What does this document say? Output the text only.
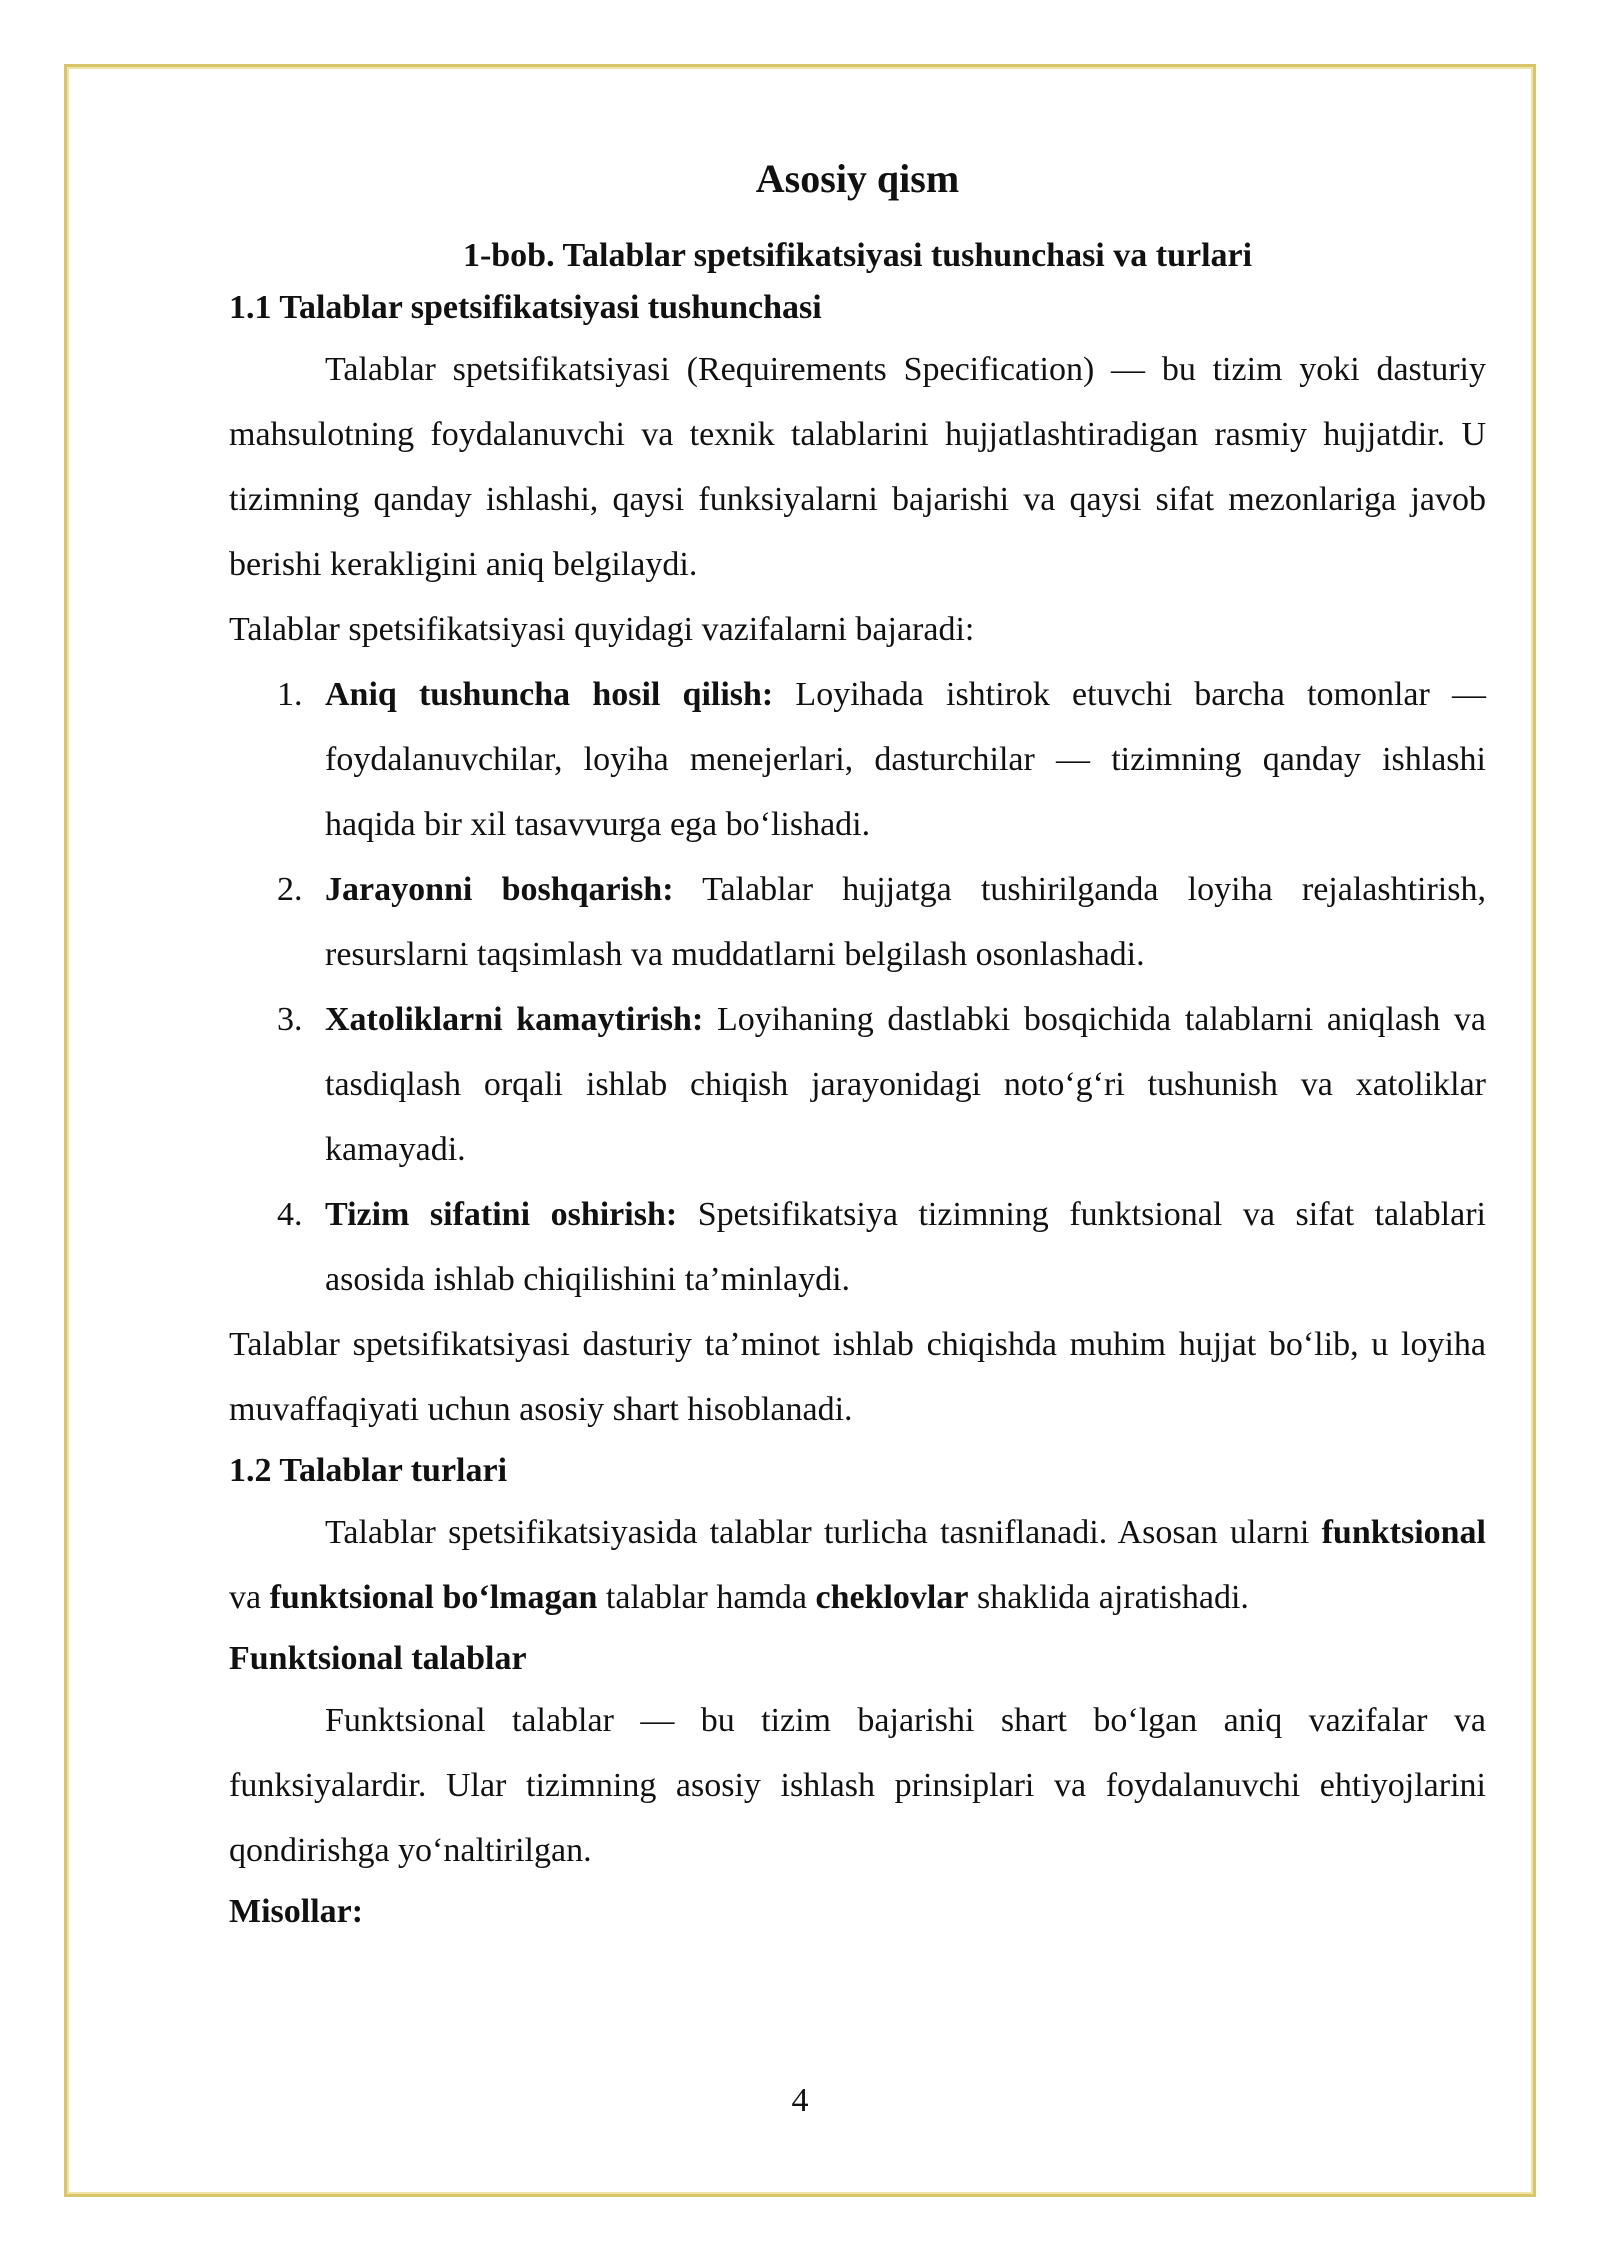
Asosiy qism
1-bob. Talablar spetsifikatsiyasi tushunchasi va turlari
1.1 Talablar spetsifikatsiyasi tushunchasi

Talablar spetsifikatsiyasi (Requirements Specification) — bu tizim yoki dasturiy mahsulotning foydalanuvchi va texnik talablarini hujjatlashtiradigan rasmiy hujjatdir. U tizimning qanday ishlashi, qaysi funksiyalarni bajarishi va qaysi sifat mezonlariga javob berishi kerakligini aniq belgilaydi.

Talablar spetsifikatsiyasi quyidagi vazifalarni bajaradi:

1. Aniq tushuncha hosil qilish: Loyihada ishtirok etuvchi barcha tomonlar — foydalanuvchilar, loyiha menejerlari, dasturchilar — tizimning qanday ishlashi haqida bir xil tasavvurga ega bo‘lishadi.
2. Jarayonni boshqarish: Talablar hujjatga tushirilganda loyiha rejalashtirish, resurslarni taqsimlash va muddatlarni belgilash osonlashadi.
3. Xatoliklarni kamaytirish: Loyihaning dastlabki bosqichida talablarni aniqlash va tasdiqlash orqali ishlab chiqish jarayonidagi noto‘g‘ri tushunish va xatoliklar kamayadi.
4. Tizim sifatini oshirish: Spetsifikatsiya tizimning funktsional va sifat talablari asosida ishlab chiqilishini ta’minlaydi.

Talablar spetsifikatsiyasi dasturiy ta’minot ishlab chiqishda muhim hujjat bo‘lib, u loyiha muvaffaqiyati uchun asosiy shart hisoblanadi.

1.2 Talablar turlari

Talablar spetsifikatsiyasida talablar turlicha tasniflanadi. Asosan ularni funktsional va funktsional bo‘lmagan talablar hamda cheklovlar shaklida ajratishadi.

Funktsional talablar

Funktsional talablar — bu tizim bajarishi shart bo‘lgan aniq vazifalar va funksiyalardir. Ular tizimning asosiy ishlash prinsiplari va foydalanuvchi ehtiyojlarini qondirishga yo‘naltirilgan.

Misollar:
4
